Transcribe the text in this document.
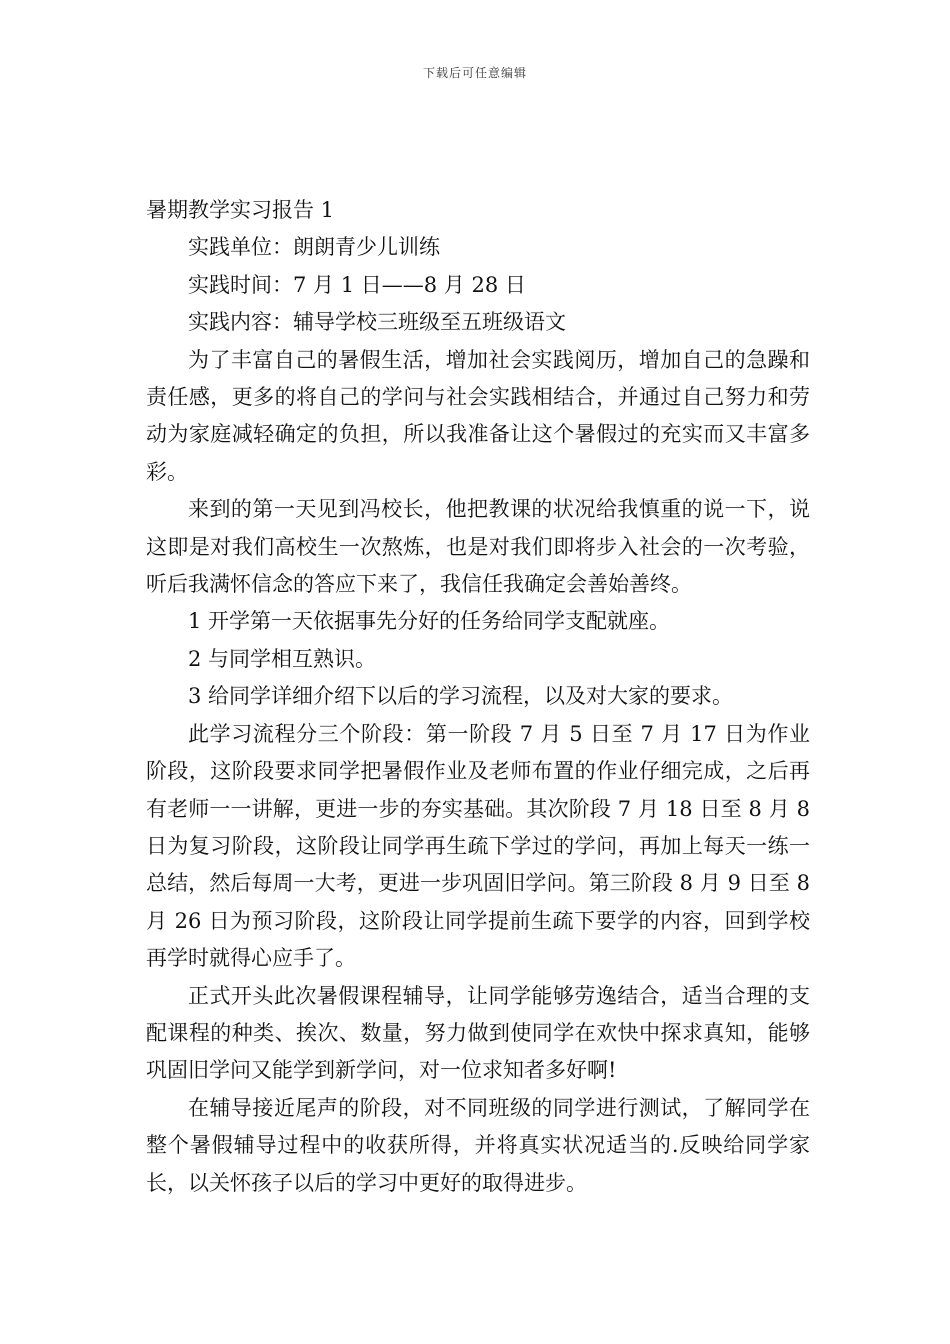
下载后可任意编辑
暑期教学实习报告 1

实践单位：朗朗青少儿训练

实践时间：7 月 1 日——8 月 28 日

实践内容：辅导学校三班级至五班级语文

为了丰富自己的暑假生活，增加社会实践阅历，增加自己的急躁和责任感，更多的将自己的学问与社会实践相结合，并通过自己努力和劳动为家庭减轻确定的负担，所以我准备让这个暑假过的充实而又丰富多彩。

来到的第一天见到冯校长，他把教课的状况给我慎重的说一下，说这即是对我们高校生一次熬炼，也是对我们即将步入社会的一次考验，听后我满怀信念的答应下来了，我信任我确定会善始善终。

1 开学第一天依据事先分好的任务给同学支配就座。

2 与同学相互熟识。

3 给同学详细介绍下以后的学习流程，以及对大家的要求。

此学习流程分三个阶段：第一阶段 7 月 5 日至 7 月 17 日为作业阶段，这阶段要求同学把暑假作业及老师布置的作业仔细完成，之后再有老师一一讲解，更进一步的夯实基础。其次阶段 7 月 18 日至 8 月 8 日为复习阶段，这阶段让同学再生疏下学过的学问，再加上每天一练一总结，然后每周一大考，更进一步巩固旧学问。第三阶段 8 月 9 日至 8 月 26 日为预习阶段，这阶段让同学提前生疏下要学的内容，回到学校再学时就得心应手了。

正式开头此次暑假课程辅导，让同学能够劳逸结合，适当合理的支配课程的种类、挨次、数量，努力做到使同学在欢快中探求真知，能够巩固旧学问又能学到新学问，对一位求知者多好啊!

在辅导接近尾声的阶段，对不同班级的同学进行测试，了解同学在整个暑假辅导过程中的收获所得，并将真实状况适当的.反映给同学家长，以关怀孩子以后的学习中更好的取得进步。
